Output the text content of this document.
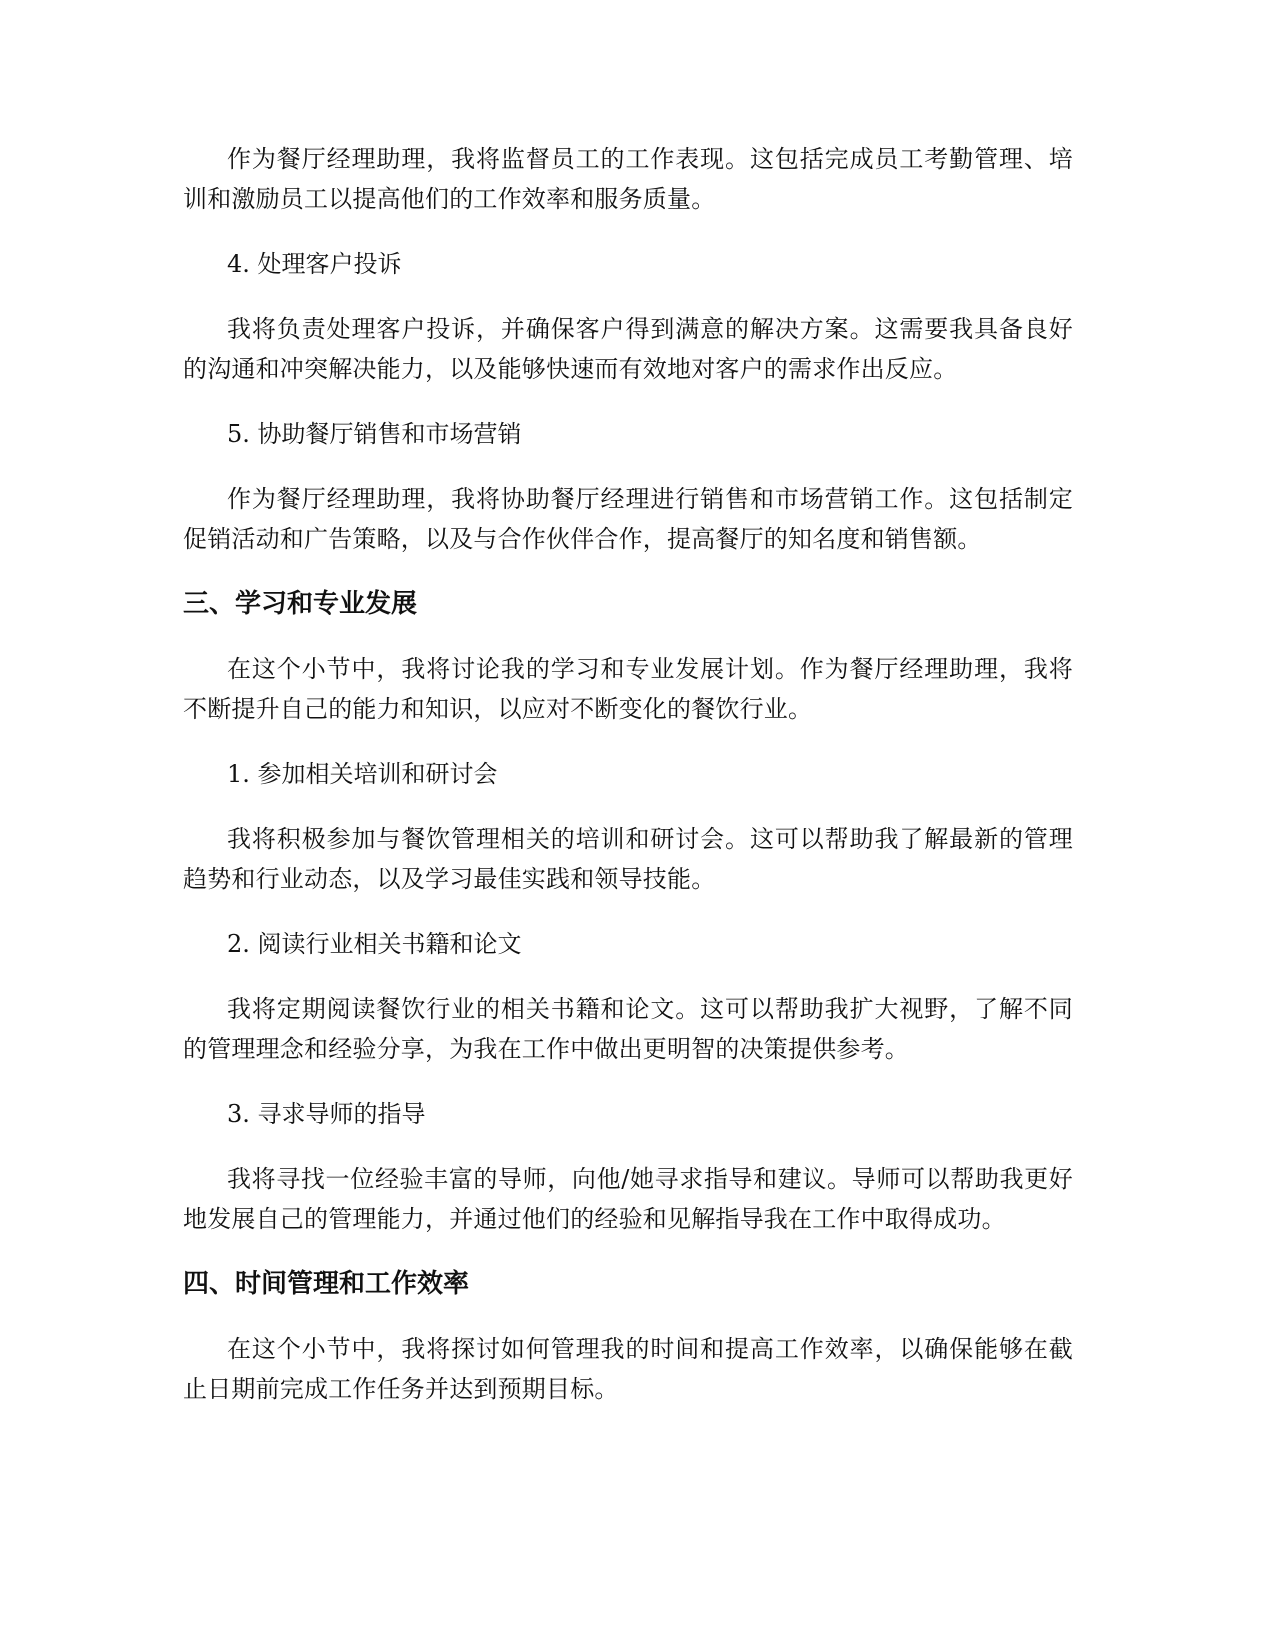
作为餐厅经理助理，我将监督员工的工作表现。这包括完成员工考勤管理、培训和激励员工以提高他们的工作效率和服务质量。

4. 处理客户投诉

我将负责处理客户投诉，并确保客户得到满意的解决方案。这需要我具备良好的沟通和冲突解决能力，以及能够快速而有效地对客户的需求作出反应。

5. 协助餐厅销售和市场营销

作为餐厅经理助理，我将协助餐厅经理进行销售和市场营销工作。这包括制定促销活动和广告策略，以及与合作伙伴合作，提高餐厅的知名度和销售额。

三、学习和专业发展

在这个小节中，我将讨论我的学习和专业发展计划。作为餐厅经理助理，我将不断提升自己的能力和知识，以应对不断变化的餐饮行业。

1. 参加相关培训和研讨会

我将积极参加与餐饮管理相关的培训和研讨会。这可以帮助我了解最新的管理趋势和行业动态，以及学习最佳实践和领导技能。

2. 阅读行业相关书籍和论文

我将定期阅读餐饮行业的相关书籍和论文。这可以帮助我扩大视野，了解不同的管理理念和经验分享，为我在工作中做出更明智的决策提供参考。

3. 寻求导师的指导

我将寻找一位经验丰富的导师，向他/她寻求指导和建议。导师可以帮助我更好地发展自己的管理能力，并通过他们的经验和见解指导我在工作中取得成功。

四、时间管理和工作效率

在这个小节中，我将探讨如何管理我的时间和提高工作效率，以确保能够在截止日期前完成工作任务并达到预期目标。
